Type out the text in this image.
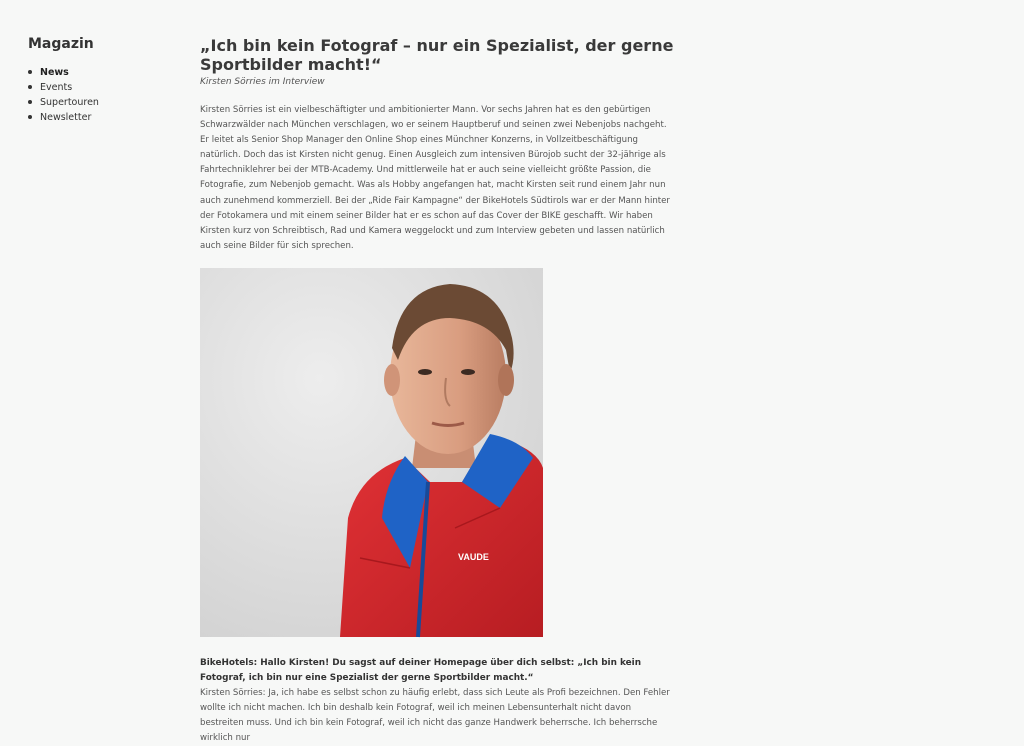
Magazin
News
Events
Supertouren
Newsletter
„Ich bin kein Fotograf – nur ein Spezialist, der gerne Sportbilder macht!“
Kirsten Sörries im Interview

Kirsten Sörries ist ein vielbeschäftigter und ambitionierter Mann. Vor sechs Jahren hat es den gebürtigen Schwarzwälder nach München verschlagen, wo er seinem Hauptberuf und seinen zwei Nebenjobs nachgeht. Er leitet als Senior Shop Manager den Online Shop eines Münchner Konzerns, in Vollzeitbeschäftigung natürlich. Doch das ist Kirsten nicht genug. Einen Ausgleich zum intensiven Bürojob sucht der 32-jährige als Fahrtechniklehrer bei der MTB-Academy. Und mittlerweile hat er auch seine vielleicht größte Passion, die Fotografie, zum Nebenjob gemacht. Was als Hobby angefangen hat, macht Kirsten seit rund einem Jahr nun auch zunehmend kommerziell. Bei der „Ride Fair Kampagne“ der BikeHotels Südtirols war er der Mann hinter der Fotokamera und mit einem seiner Bilder hat er es schon auf das Cover der BIKE geschafft. Wir haben Kirsten kurz von Schreibtisch, Rad und Kamera weggelockt und zum Interview gebeten und lassen natürlich auch seine Bilder für sich sprechen.

VAUDE

BikeHotels: Hallo Kirsten! Du sagst auf deiner Homepage über dich selbst: „Ich bin kein Fotograf, ich bin nur eine Spezialist der gerne Sportbilder macht.“

Kirsten Sörries: Ja, ich habe es selbst schon zu häufig erlebt, dass sich Leute als Profi bezeichnen. Den Fehler wollte ich nicht machen. Ich bin deshalb kein Fotograf, weil ich meinen Lebensunterhalt nicht davon bestreiten muss. Und ich bin kein Fotograf, weil ich nicht das ganze Handwerk beherrsche. Ich beherrsche wirklich nur
